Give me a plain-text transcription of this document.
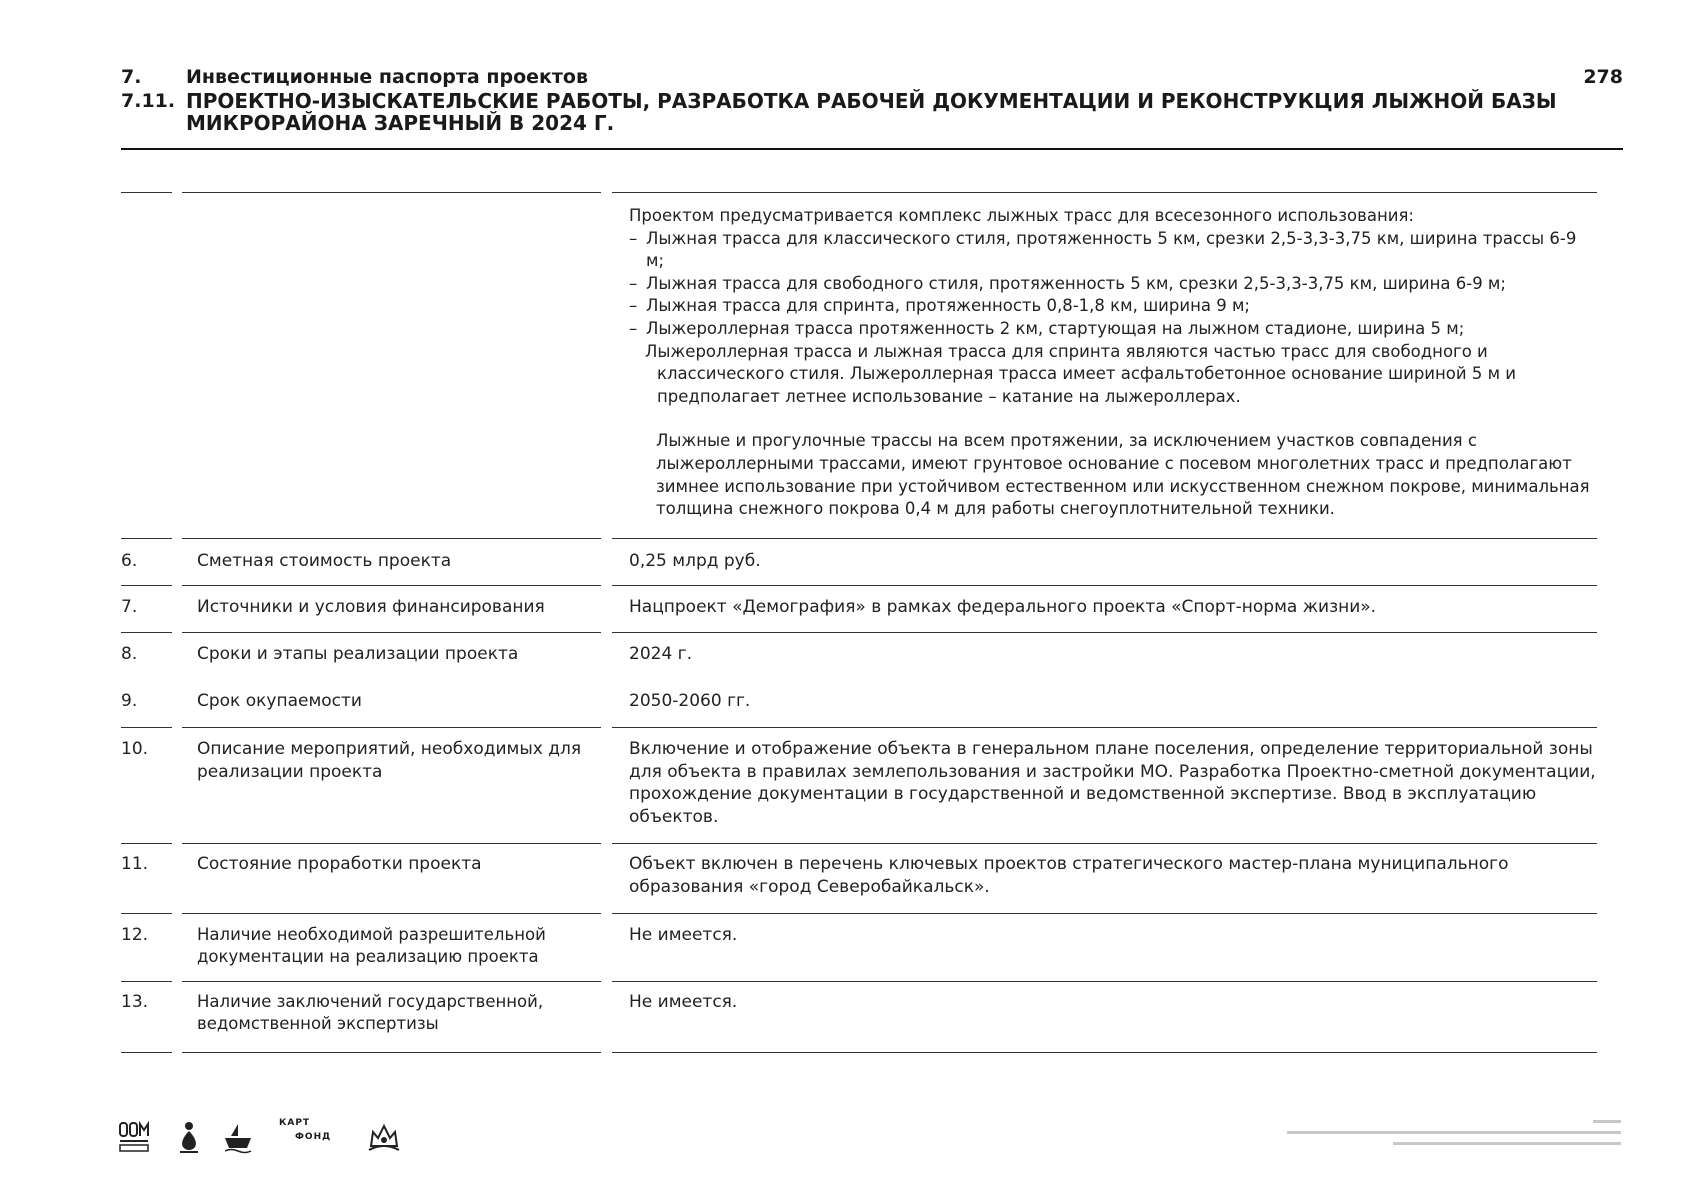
7. Инвестиционные паспорта проектов
7.11. ПРОЕКТНО-ИЗЫСКАТЕЛЬСКИЕ РАБОТЫ, РАЗРАБОТКА РАБОЧЕЙ ДОКУМЕНТАЦИИ И РЕКОНСТРУКЦИЯ ЛЫЖНОЙ БАЗЫ МИКРОРАЙОНА ЗАРЕЧНЫЙ В 2024 Г.
278

Проектом предусматривается комплекс лыжных трасс для всесезонного использования:

– Лыжная трасса для классического стиля, протяженность 5 км, срезки 2,5-3,3-3,75 км, ширина трассы 6-9 м;

– Лыжная трасса для свободного стиля, протяженность 5 км, срезки 2,5-3,3-3,75 км, ширина 6-9 м;

– Лыжная трасса для спринта, протяженность 0,8-1,8 км, ширина 9 м;

– Лыжероллерная трасса протяженность 2 км, стартующая на лыжном стадионе, ширина 5 м;

Лыжероллерная трасса и лыжная трасса для спринта являются частью трасс для свободного и классического стиля. Лыжероллерная трасса имеет асфальтобетонное основание шириной 5 м и предполагает летнее использование – катание на лыжероллерах.

Лыжные и прогулочные трассы на всем протяжении, за исключением участков совпадения с лыжероллерными трассами, имеют грунтовое основание с посевом многолетних трасс и предполагают зимнее использование при устойчивом естественном или искусственном снежном покрове, минимальная толщина снежного покрова 0,4 м для работы снегоуплотнительной техники.

6.	Сметная стоимость проекта	0,25 млрд руб.
7.	Источники и условия финансирования	Нацпроект «Демография» в рамках федерального проекта «Спорт-норма жизни».
8.	Сроки и этапы реализации проекта	2024 г.
9.	Срок окупаемости	2050-2060 гг.
10.	Описание мероприятий, необходимых для реализации проекта
Включение и отображение объекта в генеральном плане поселения, определение территориальной зоны для объекта в правилах землепользования и застройки МО. Разработка Проектно-сметной документации, прохождение документации в государственной и ведомственной экспертизе. Ввод в эксплуатацию объектов.
11.	Состояние проработки проекта	Объект включен в перечень ключевых проектов стратегического мастер-плана муниципального образования «город Северобайкальск».
12.	Наличие необходимой разрешительной документации на реализацию проекта
Не имеется.
13.	Наличие заключений государственной, ведомственной экспертизы
Не имеется.
КАРТ
ФОНД
